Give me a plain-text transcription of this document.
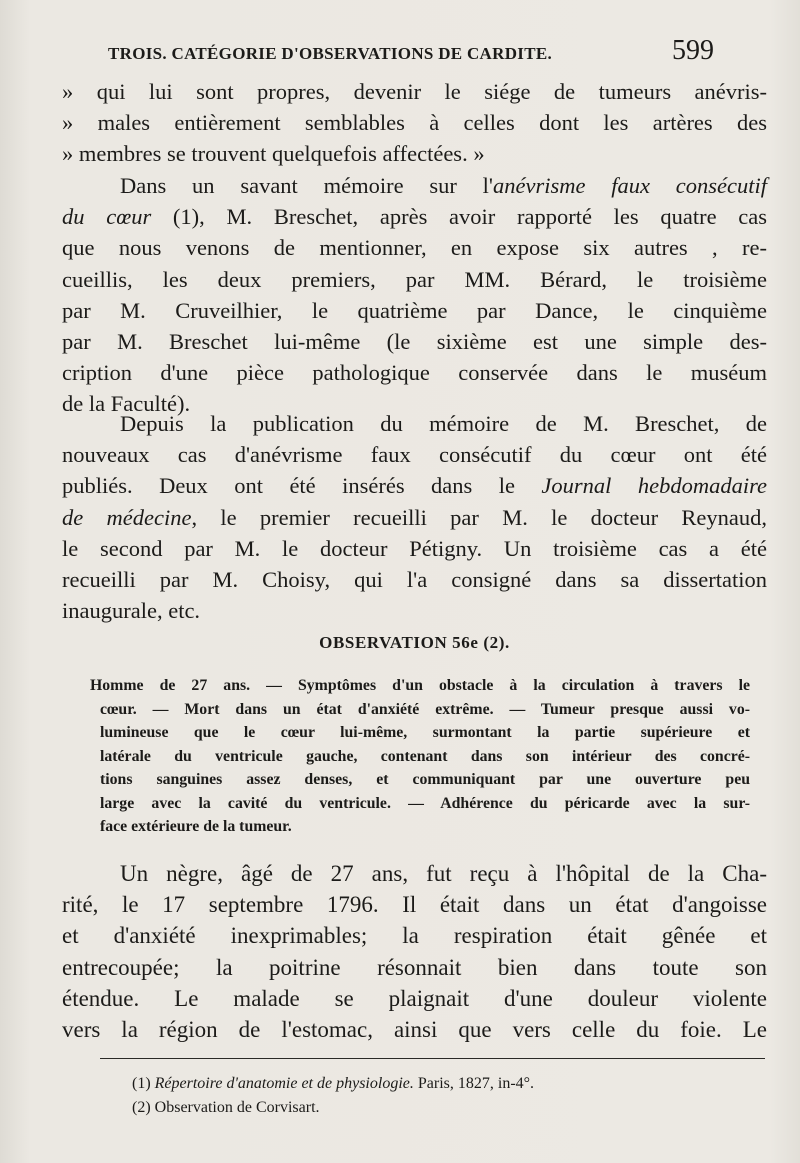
TROIS. CATÉGORIE D'OBSERVATIONS DE CARDITE.	599
» qui lui sont propres, devenir le siége de tumeurs anévris-
» males entièrement semblables à celles dont les artères des
» membres se trouvent quelquefois affectées. »
Dans un savant mémoire sur l'anévrisme faux consécutif
du cœur (1), M. Breschet, après avoir rapporté les quatre cas
que nous venons de mentionner, en expose six autres , re-
cueillis, les deux premiers, par MM. Bérard, le troisième
par M. Cruveilhier, le quatrième par Dance, le cinquième
par M. Breschet lui-même (le sixième est une simple des-
cription d'une pièce pathologique conservée dans le muséum
de la Faculté).
Depuis la publication du mémoire de M. Breschet, de
nouveaux cas d'anévrisme faux consécutif du cœur ont été
publiés. Deux ont été insérés dans le Journal hebdomadaire
de médecine, le premier recueilli par M. le docteur Reynaud,
le second par M. le docteur Pétigny. Un troisième cas a été
recueilli par M. Choisy, qui l'a consigné dans sa dissertation
inaugurale, etc.
OBSERVATION 56e (2).
Homme de 27 ans. — Symptômes d'un obstacle à la circulation à travers le
cœur. — Mort dans un état d'anxiété extrême. — Tumeur presque aussi vo-
lumineuse que le cœur lui-même, surmontant la partie supérieure et
latérale du ventricule gauche, contenant dans son intérieur des concré-
tions sanguines assez denses, et communiquant par une ouverture peu
large avec la cavité du ventricule. — Adhérence du péricarde avec la sur-
face extérieure de la tumeur.
Un nègre, âgé de 27 ans, fut reçu à l'hôpital de la Cha-
rité, le 17 septembre 1796. Il était dans un état d'angoisse
et d'anxiété inexprimables; la respiration était gênée et
entrecoupée; la poitrine résonnait bien dans toute son
étendue. Le malade se plaignait d'une douleur violente
vers la région de l'estomac, ainsi que vers celle du foie. Le
(1) Répertoire d'anatomie et de physiologie. Paris, 1827, in-4°.
(2) Observation de Corvisart.
